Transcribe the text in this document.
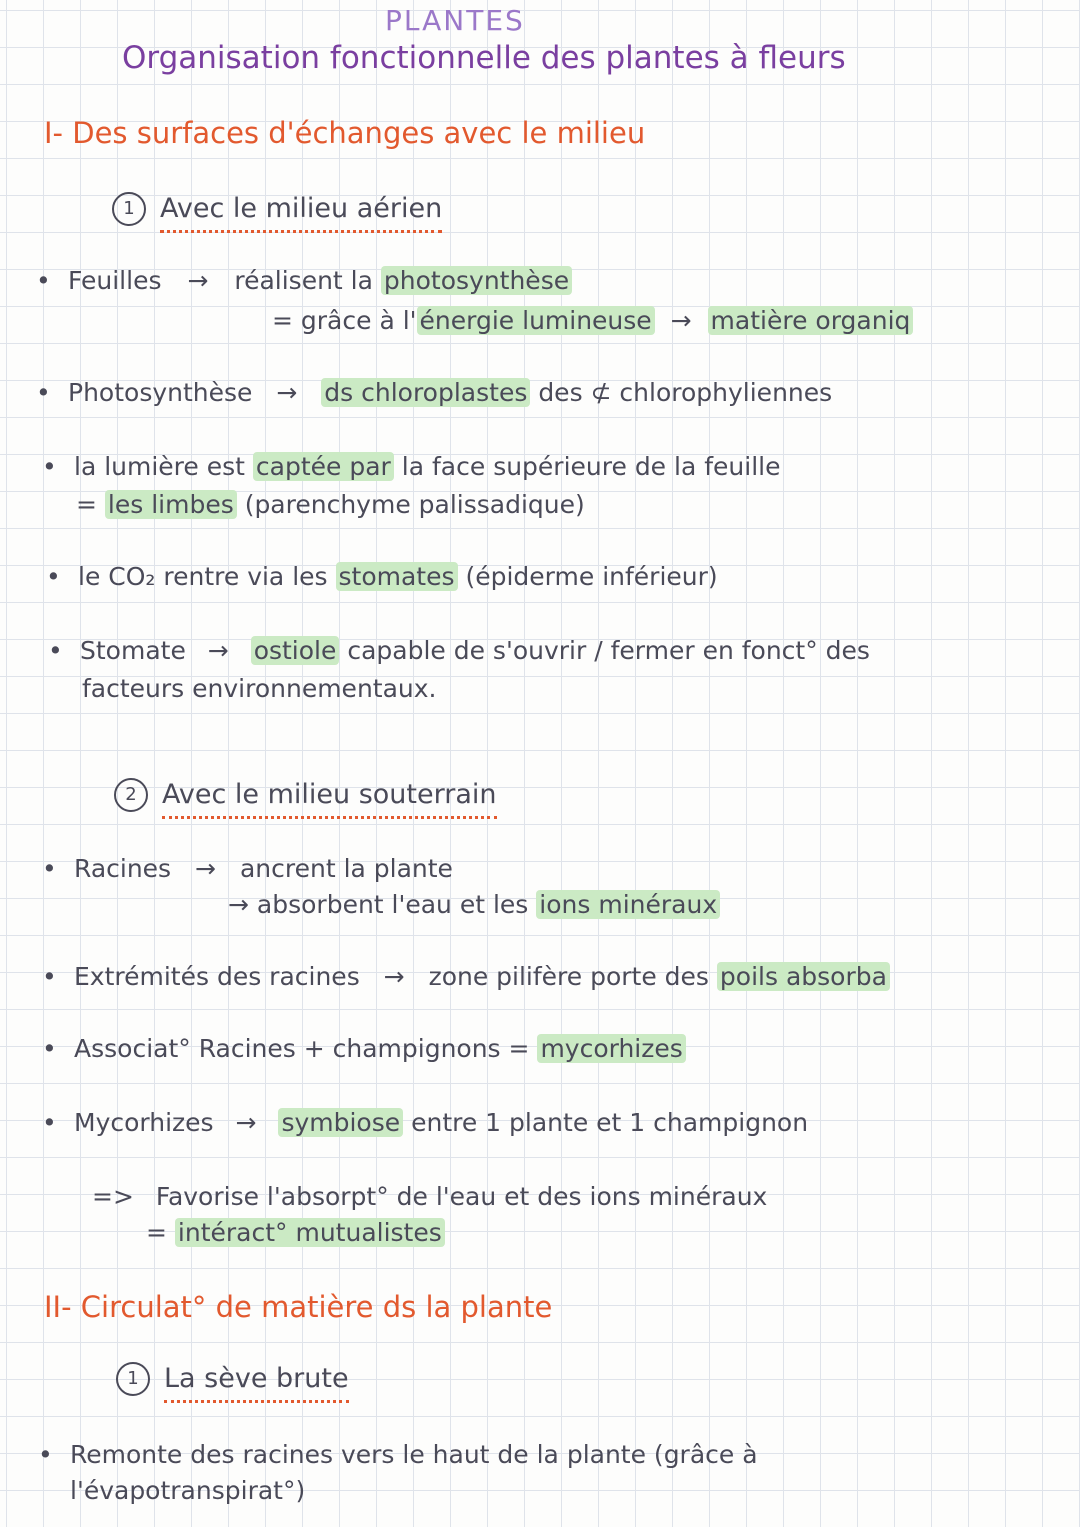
PLANTES
Organisation fonctionnelle des plantes à fleurs
I- Des surfaces d'échanges avec le milieu
1 Avec le milieu aérien
• Feuilles → réalisent la photosynthèse
= grâce à l' énergie lumineuse → matière organiq
• Photosynthèse → ds chloroplastes des ⊄ chlorophyliennes
• la lumière est captée par la face supérieure de la feuille
= les limbes (parenchyme palissadique)
• le CO₂ rentre via les stomates (épiderme inférieur)
• Stomate → ostiole capable de s'ouvrir / fermer en fonct° des
facteurs environnementaux.
2 Avec le milieu souterrain
• Racines → ancrent la plante
→ absorbent l'eau et les ions minéraux
• Extrémités des racines → zone pilifère porte des poils absorba
• Associat° Racines + champignons = mycorhizes
• Mycorhizes → symbiose entre 1 plante et 1 champignon
=> Favorise l'absorpt° de l'eau et des ions minéraux
= intéract° mutualistes
II- Circulat° de matière ds la plante
1 La sève brute
• Remonte des racines vers le haut de la plante (grâce à
l'évapotranspirat°)
